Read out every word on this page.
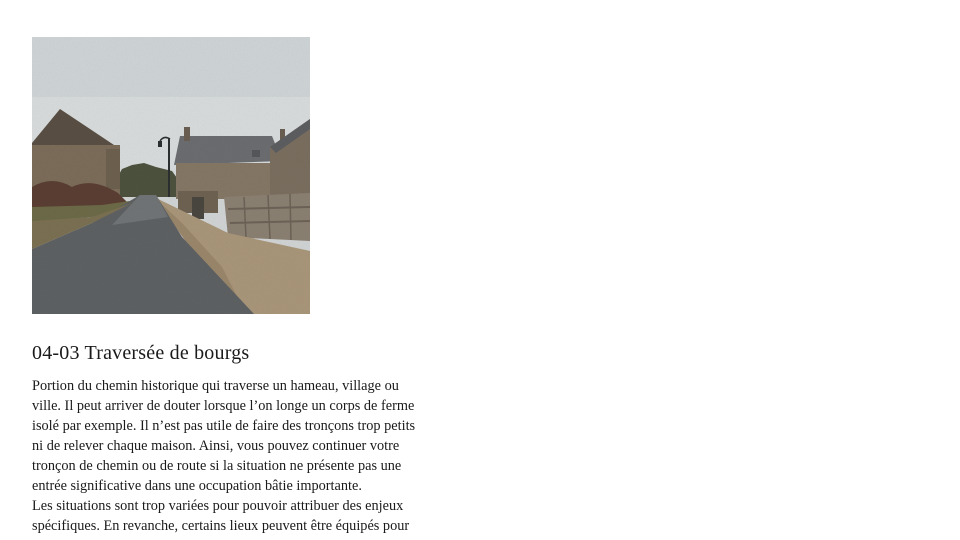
04-03 Traversée de bourgs

Portion du chemin historique qui traverse un hameau, village ou
ville. Il peut arriver de douter lorsque l’on longe un corps de ferme
isolé par exemple. Il n’est pas utile de faire des tronçons trop petits
ni de relever chaque maison. Ainsi, vous pouvez continuer votre
tronçon de chemin ou de route si la situation ne présente pas une
entrée significative dans une occupation bâtie importante.

Les situations sont trop variées pour pouvoir attribuer des enjeux
spécifiques. En revanche, certains lieux peuvent être équipés pour
